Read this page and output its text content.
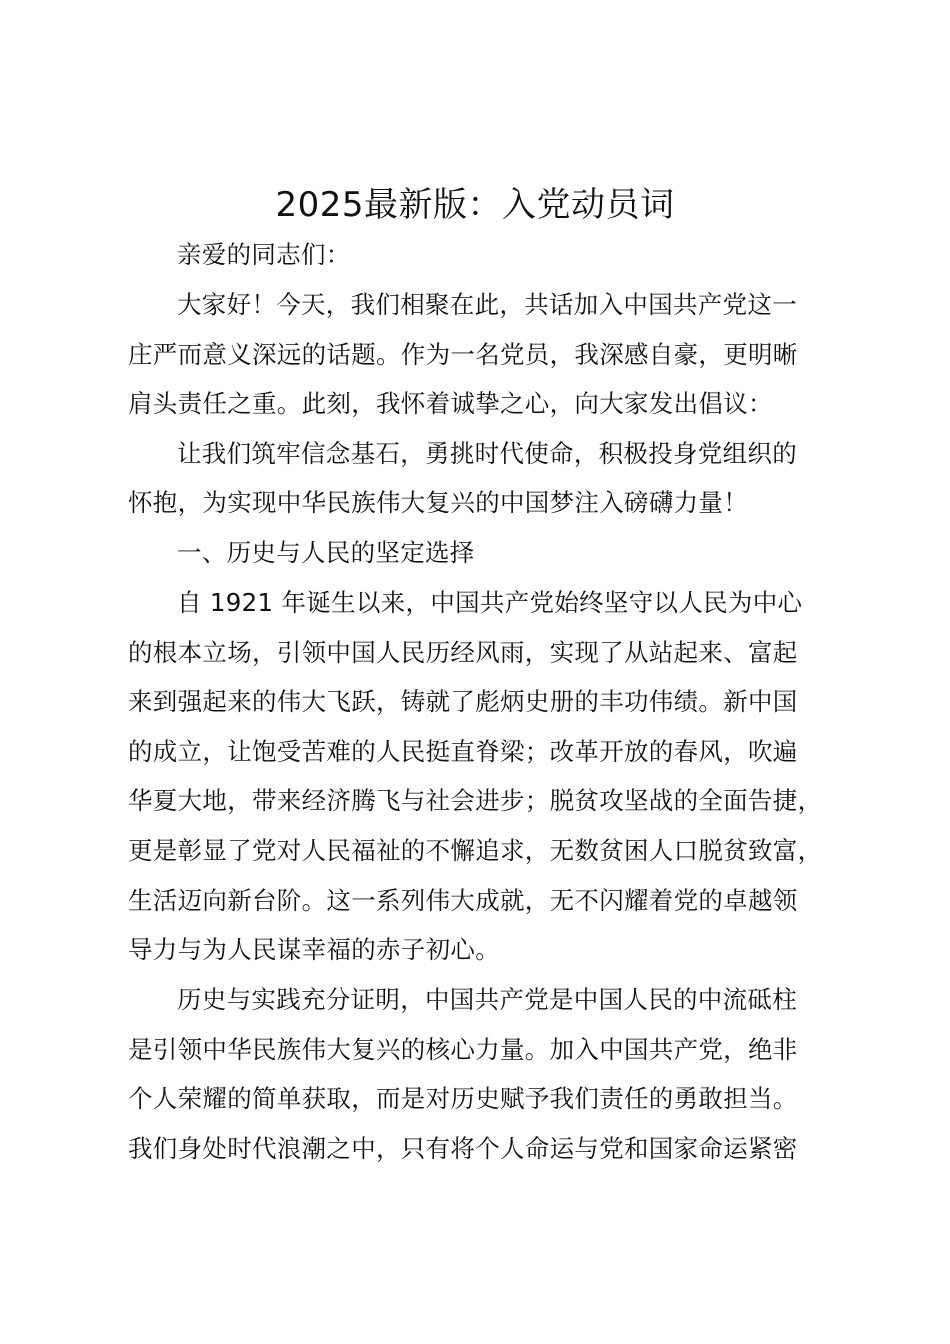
2025最新版：入党动员词
亲爱的同志们：
大家好！今天，我们相聚在此，共话加入中国共产党这一
庄严而意义深远的话题。作为一名党员，我深感自豪，更明晰
肩头责任之重。此刻，我怀着诚挚之心，向大家发出倡议：
让我们筑牢信念基石，勇挑时代使命，积极投身党组织的
怀抱，为实现中华民族伟大复兴的中国梦注入磅礴力量！
一、历史与人民的坚定选择
自 1921 年诞生以来，中国共产党始终坚守以人民为中心
的根本立场，引领中国人民历经风雨，实现了从站起来、富起
来到强起来的伟大飞跃，铸就了彪炳史册的丰功伟绩。新中国
的成立，让饱受苦难的人民挺直脊梁；改革开放的春风，吹遍
华夏大地，带来经济腾飞与社会进步；脱贫攻坚战的全面告捷，
更是彰显了党对人民福祉的不懈追求，无数贫困人口脱贫致富，
生活迈向新台阶。这一系列伟大成就，无不闪耀着党的卓越领
导力与为人民谋幸福的赤子初心。
历史与实践充分证明，中国共产党是中国人民的中流砥柱
是引领中华民族伟大复兴的核心力量。加入中国共产党，绝非
个人荣耀的简单获取，而是对历史赋予我们责任的勇敢担当。
我们身处时代浪潮之中，只有将个人命运与党和国家命运紧密
